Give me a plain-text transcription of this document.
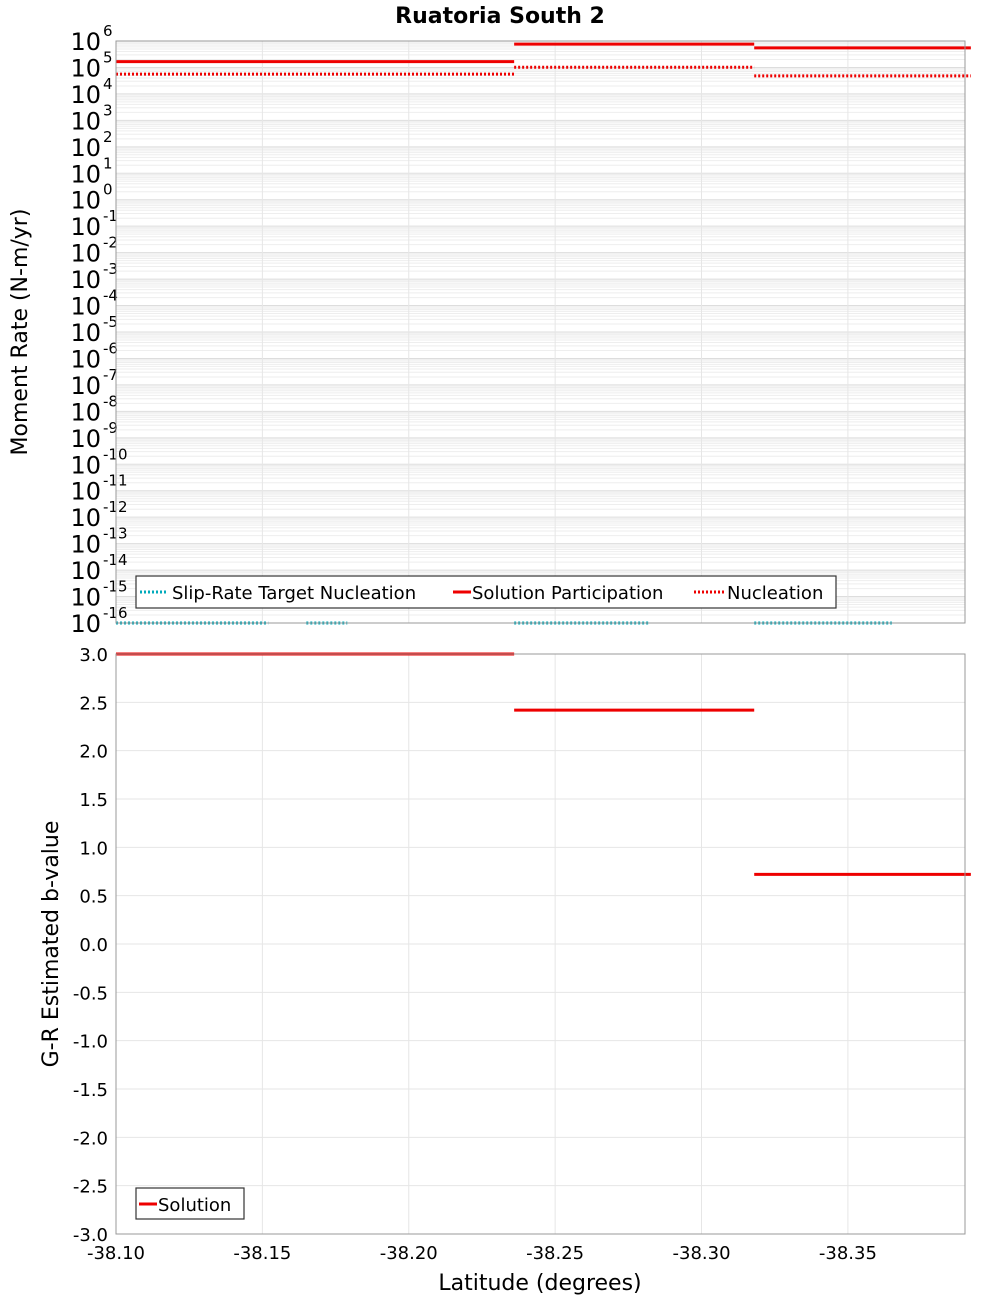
Ruatoria South 2
10 6
10 5
10 4
10 3
10 2
10 1
10 0
10 -1
10 -2
10 -3
10 -4
10 -5
10 -6
10 -7
10 -8
10 -9
10 -10
10 -11
10 -12
10 -13
10 -14
10 -15
10 -16
Moment Rate (N-m/yr)
Slip-Rate Target Nucleation	Solution Participation	Nucleation
3.0
2.5
2.0
1.5
1.0
0.5
0.0
-0.5
-1.0
-1.5
-2.0
-2.5
-3.0
-38.10	-38.15	-38.20	-38.25	-38.30	-38.35
G-R Estimated b-value
Latitude (degrees)
Solution
